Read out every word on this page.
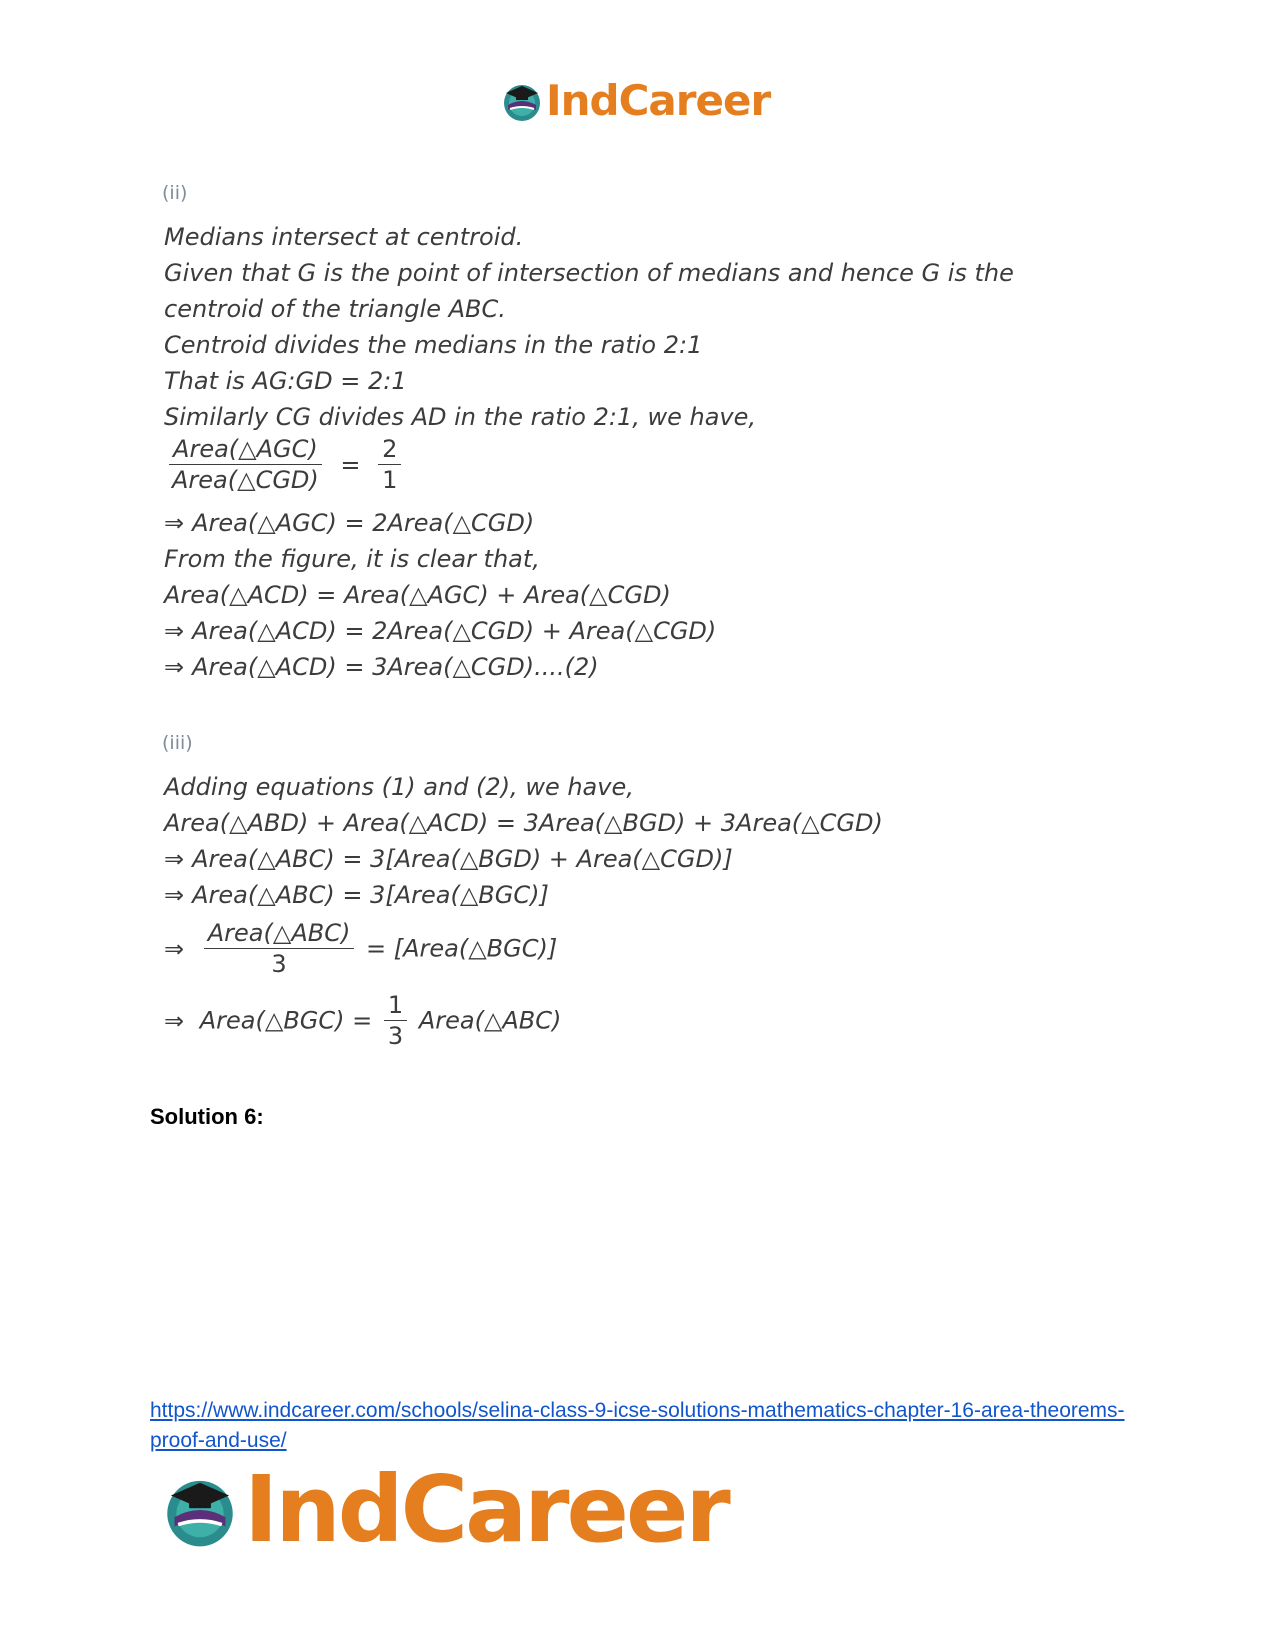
IndCareer
(ii)
Medians intersect at centroid.
Given that G is the point of intersection of medians and hence G is the
centroid of the triangle ABC.
Centroid divides the medians in the ratio 2:1
That is AG:GD = 2:1
Similarly CG divides AD in the ratio 2:1, we have,
$\frac{\text{Area(△AGC)}}{\text{Area(△CGD)}} = \frac{2}{1}$
⇒ Area(△AGC) = 2Area(△CGD)
From the figure, it is clear that,
Area(△ACD) = Area(△AGC) + Area(△CGD)
⇒ Area(△ACD) = 2Area(△CGD) + Area(△CGD)
⇒ Area(△ACD) = 3Area(△CGD)....(2)
(iii)
Adding equations (1) and (2), we have,
Area(△ABD) + Area(△ACD) = 3Area(△BGD) + 3Area(△CGD)
⇒ Area(△ABC) = 3[Area(△BGD) + Area(△CGD)]
⇒ Area(△ABC) = 3[Area(△BGC)]
⇒ $\frac{\text{Area(△ABC)}}{3}$ = [Area(△BGC)]
⇒ Area(△BGC) = $\frac{1}{3}$ Area(△ABC)
Solution 6:
https://www.indcareer.com/schools/selina-class-9-icse-solutions-mathematics-chapter-16-area-theorems-proof-and-use/
IndCareer
